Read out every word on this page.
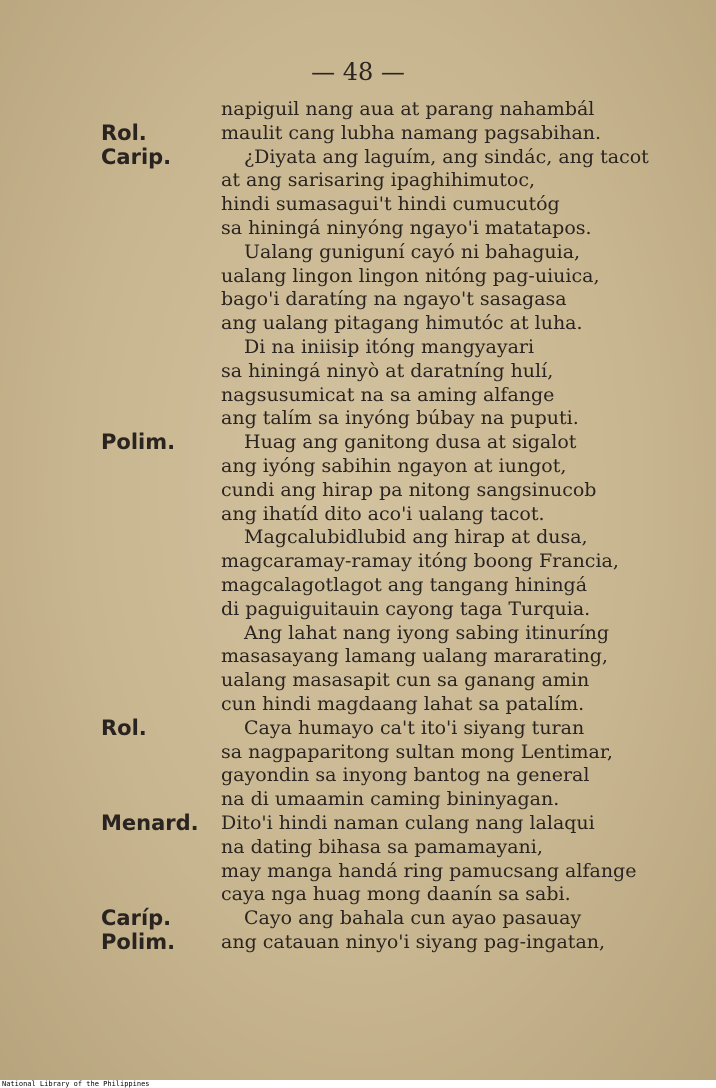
— 48 —
napiguil nang aua at parang nahambál
Rol.	maulit cang lubha namang pagsabihan.
Carip.	¿Diyata ang laguím, ang sindác, ang tacot
at ang sarisaring ipaghihimutoc,
hindi sumasagui't hindi cumucutóg
sa hiningá ninyóng ngayo'i matatapos.
Ualang guniguní cayó ni bahaguia,
ualang lingon lingon nitóng pag-uiuica,
bago'i daratíng na ngayo't sasagasa
ang ualang pitagang himutóc at luha.
Di na iniisip itóng mangyayari
sa hiningá ninyò at daratníng hulí,
nagsusumicat na sa aming alfange
ang talím sa inyóng búbay na puputi.
Polim.	Huag ang ganitong dusa at sigalot
ang iyóng sabihin ngayon at iungot,
cundi ang hirap pa nitong sangsinucob
ang ihatíd dito aco'i ualang tacot.
Magcalubidlubid ang hirap at dusa,
magcaramay-ramay itóng boong Francia,
magcalagotlagot ang tangang hiningá
di paguiguitauin cayong taga Turquia.
Ang lahat nang iyong sabing itinuríng
masasayang lamang ualang mararating,
ualang masasapit cun sa ganang amin
cun hindi magdaang lahat sa patalím.
Rol.	Caya humayo ca't ito'i siyang turan
sa nagpaparitong sultan mong Lentimar,
gayondin sa inyong bantog na general
na di umaamin caming bininyagan.
Menard. Dito'i hindi naman culang nang lalaqui
na dating bihasa sa pamamayani,
may manga handá ring pamucsang alfange
caya nga huag mong daanín sa sabi.
Caríp.	Cayo ang bahala cun ayao pasauay
Polim. ang catauan ninyo'i siyang pag-ingatan,
National Library of the Philippines
